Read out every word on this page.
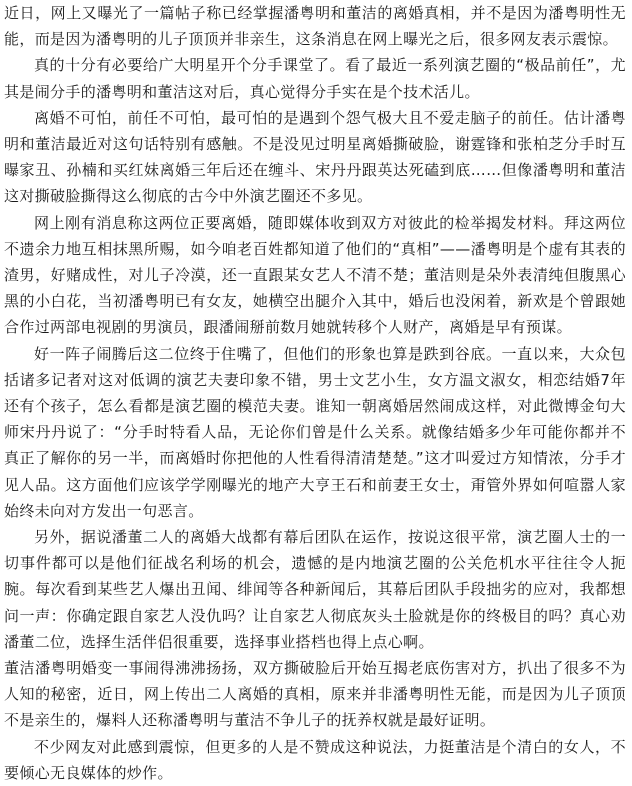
近日，网上又曝光了一篇帖子称已经掌握潘粤明和董洁的离婚真相，并不是因为潘粤明性无能，而是因为潘粤明的儿子顶顶并非亲生，这条消息在网上曝光之后，很多网友表示震惊。

真的十分有必要给广大明星开个分手课堂了。看了最近一系列演艺圈的“极品前任”，尤其是闹分手的潘粤明和董洁这对后，真心觉得分手实在是个技术活儿。

离婚不可怕，前任不可怕，最可怕的是遇到个怨气极大且不爱走脑子的前任。估计潘粤明和董洁最近对这句话特别有感触。不是没见过明星离婚撕破脸，谢霆锋和张柏芝分手时互曝家丑、孙楠和买红妹离婚三年后还在缠斗、宋丹丹跟英达死磕到底……但像潘粤明和董洁这对撕破脸撕得这么彻底的古今中外演艺圈还不多见。

网上刚有消息称这两位正要离婚，随即媒体收到双方对彼此的检举揭发材料。拜这两位不遗余力地互相抹黑所赐，如今咱老百姓都知道了他们的“真相”——潘粤明是个虚有其表的渣男，好赌成性，对儿子冷漠，还一直跟某女艺人不清不楚；董洁则是朵外表清纯但腹黑心黑的小白花，当初潘粤明已有女友，她横空出腿介入其中，婚后也没闲着，新欢是个曾跟她合作过两部电视剧的男演员，跟潘闹掰前数月她就转移个人财产，离婚是早有预谋。

好一阵子闹腾后这二位终于住嘴了，但他们的形象也算是跌到谷底。一直以来，大众包括诸多记者对这对低调的演艺夫妻印象不错，男士文艺小生，女方温文淑女，相恋结婚7年还有个孩子，怎么看都是演艺圈的模范夫妻。谁知一朝离婚居然闹成这样，对此微博金句大师宋丹丹说了：“分手时特看人品，无论你们曾是什么关系。就像结婚多少年可能你都并不真正了解你的另一半，而离婚时你把他的人性看得清清楚楚。”这才叫爱过方知情浓，分手才见人品。这方面他们应该学学刚曝光的地产大亨王石和前妻王女士，甭管外界如何喧嚣人家始终未向对方发出一句恶言。

另外，据说潘董二人的离婚大战都有幕后团队在运作，按说这很平常，演艺圈人士的一切事件都可以是他们征战名利场的机会，遗憾的是内地演艺圈的公关危机水平往往令人扼腕。每次看到某些艺人爆出丑闻、绯闻等各种新闻后，其幕后团队手段拙劣的应对，我都想问一声：你确定跟自家艺人没仇吗？让自家艺人彻底灰头土脸就是你的终极目的吗？真心劝潘董二位，选择生活伴侣很重要，选择事业搭档也得上点心啊。

董洁潘粤明婚变一事闹得沸沸扬扬，双方撕破脸后开始互揭老底伤害对方，扒出了很多不为人知的秘密，近日，网上传出二人离婚的真相，原来并非潘粤明性无能，而是因为儿子顶顶不是亲生的，爆料人还称潘粤明与董洁不争儿子的抚养权就是最好证明。

不少网友对此感到震惊，但更多的人是不赞成这种说法，力挺董洁是个清白的女人，不要倾心无良媒体的炒作。
